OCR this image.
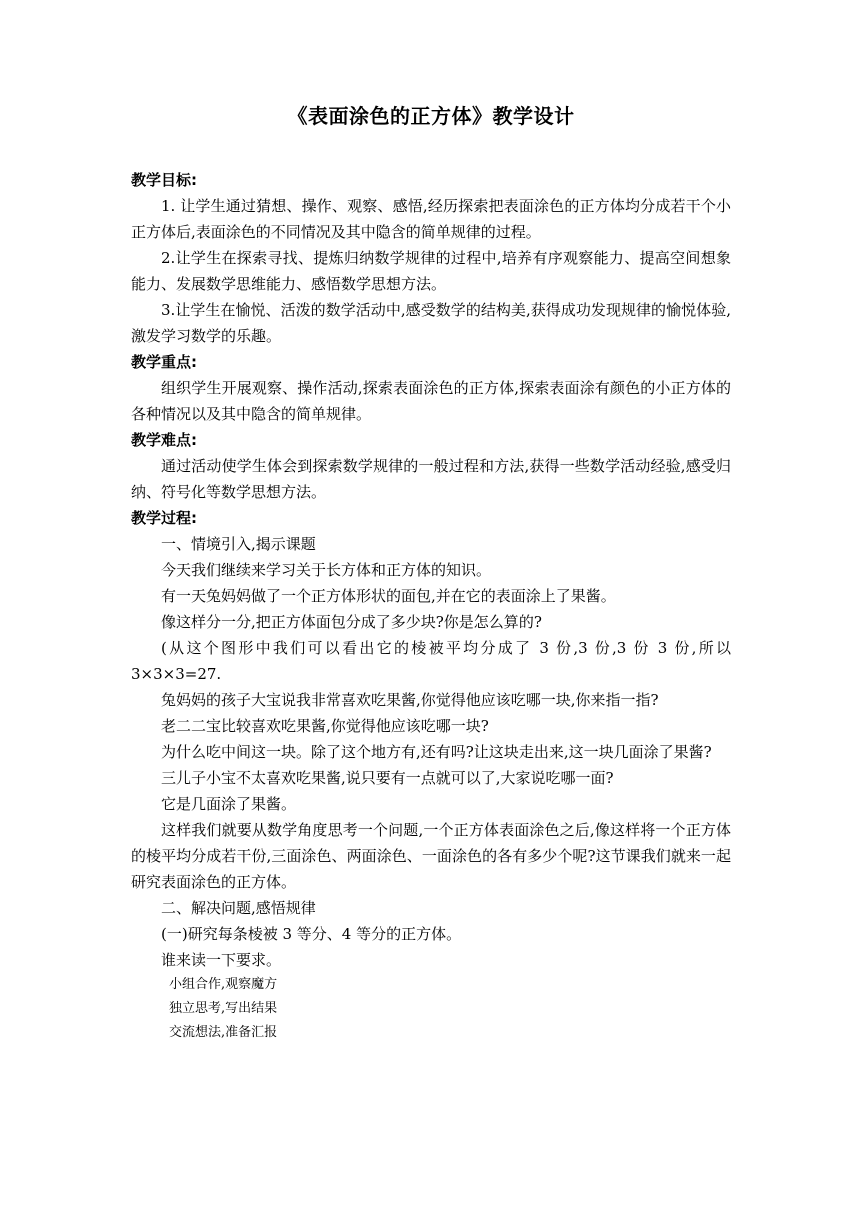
《表面涂色的正方体》教学设计

教学目标:

1. 让学生通过猜想、操作、观察、感悟,经历探索把表面涂色的正方体均分成若干个小正方体后,表面涂色的不同情况及其中隐含的简单规律的过程。

2.让学生在探索寻找、提炼归纳数学规律的过程中,培养有序观察能力、提高空间想象能力、发展数学思维能力、感悟数学思想方法。

3.让学生在愉悦、活泼的数学活动中,感受数学的结构美,获得成功发现规律的愉悦体验,激发学习数学的乐趣。

教学重点:

组织学生开展观察、操作活动,探索表面涂色的正方体,探索表面涂有颜色的小正方体的各种情况以及其中隐含的简单规律。

教学难点:

通过活动使学生体会到探索数学规律的一般过程和方法,获得一些数学活动经验,感受归纳、符号化等数学思想方法。

教学过程:

一、情境引入,揭示课题

今天我们继续来学习关于长方体和正方体的知识。

有一天兔妈妈做了一个正方体形状的面包,并在它的表面涂上了果酱。

像这样分一分,把正方体面包分成了多少块?你是怎么算的?

(从这个图形中我们可以看出它的棱被平均分成了 3 份,3 份,3 份 3 份,所以 3×3×3=27.

兔妈妈的孩子大宝说我非常喜欢吃果酱,你觉得他应该吃哪一块,你来指一指?

老二二宝比较喜欢吃果酱,你觉得他应该吃哪一块?

为什么吃中间这一块。除了这个地方有,还有吗?让这块走出来,这一块几面涂了果酱?

三儿子小宝不太喜欢吃果酱,说只要有一点就可以了,大家说吃哪一面?

它是几面涂了果酱。

这样我们就要从数学角度思考一个问题,一个正方体表面涂色之后,像这样将一个正方体的棱平均分成若干份,三面涂色、两面涂色、一面涂色的各有多少个呢?这节课我们就来一起研究表面涂色的正方体。

二、解决问题,感悟规律

(一)研究每条棱被 3 等分、4 等分的正方体。

谁来读一下要求。

小组合作,观察魔方

独立思考,写出结果

交流想法,准备汇报
